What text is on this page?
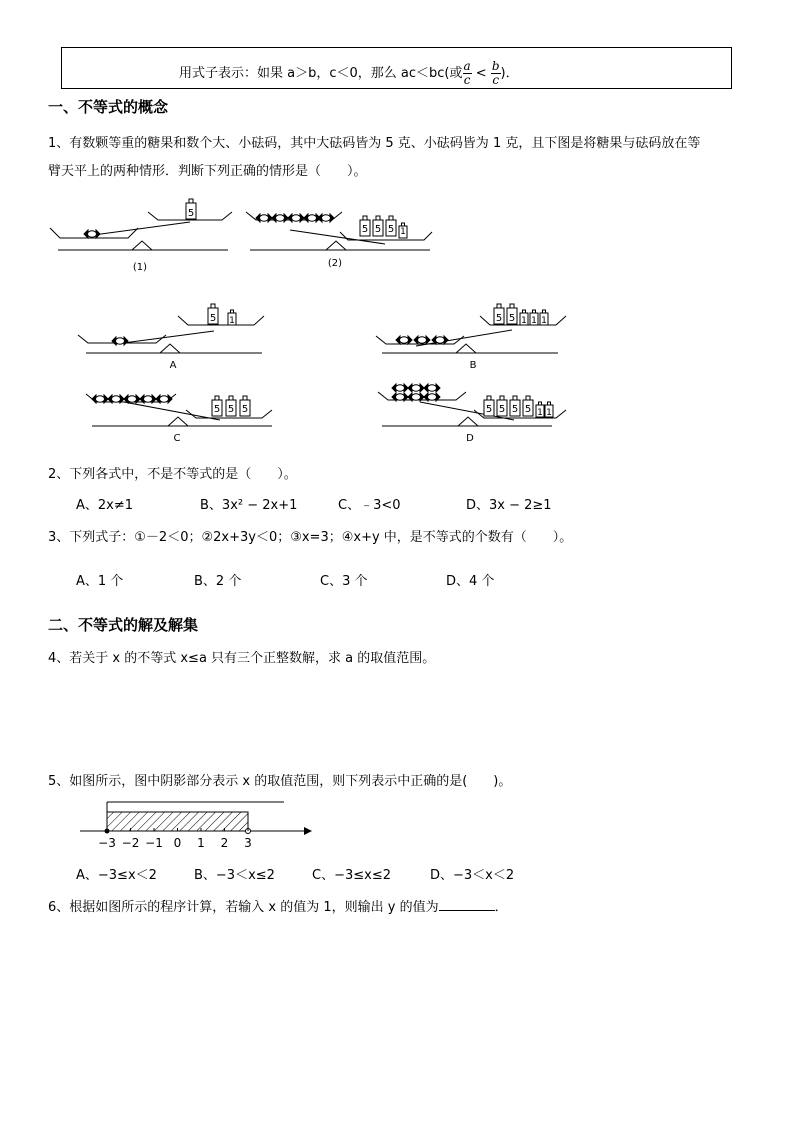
用式子表示：如果 a＞b，c＜0，那么 ac＜bc(或 $\frac{a}{c} < \frac{b}{c}$ )．
一、不等式的概念
1、有数颗等重的糖果和数个大、小砝码，其中大砝码皆为 5 克、小砝码皆为 1 克，且下图是将糖果与砝码放在等
臂天平上的两种情形．判断下列正确的情形是（　　）。
5
(1)
5 5 5 1
(2)
5 1
A
5 5 1 1 1
B
5 5 5
C
5 5 5 5 1 1
D
2、下列各式中，不是不等式的是（　　）。
A、2x≠1	B、3x² − 2x+1	C、﹣3<0	D、3x − 2≥1
3、下列式子：①－2＜0；②2x+3y＜0；③x=3；④x+y 中，是不等式的个数有（　　）。
A、1 个	B、2 个	C、3 个	D、4 个
二、不等式的解及解集
4、若关于 x 的不等式 x≤a 只有三个正整数解，求 a 的取值范围。
5、如图所示，图中阴影部分表示 x 的取值范围，则下列表示中正确的是(　　)。
−3 −2 −1 0 1 2 3
A、−3≤x＜2	B、−3＜x≤2	C、−3≤x≤2	D、−3＜x＜2
6、根据如图所示的程序计算，若输入 x 的值为 1，则输出 y 的值为	．
